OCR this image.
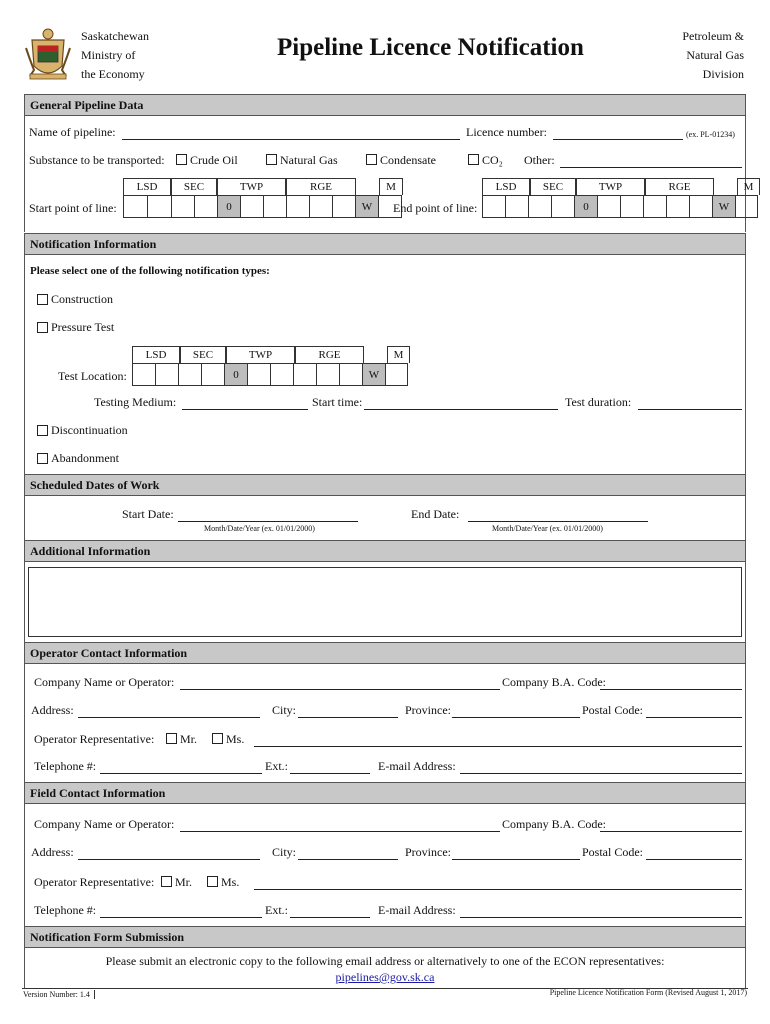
Saskatchewan
Ministry of
the Economy
Pipeline Licence Notification	Petroleum &
Natural Gas
Division
General Pipeline Data
Name of pipeline:	Licence number:	(ex. PL-01234)
Substance to be transported: Crude Oil	Natural Gas	Condensate	CO₂ Other:
LSD	SEC	TWP	RGE	M
Start point of line:
					0						W	
LSD	SEC	TWP	RGE	M
End point of line:
					0						W	
Notification Information
Please select one of the following notification types:
Construction
Pressure Test
LSD	SEC	TWP	RGE	M
Test Location:
					0						W	
Testing Medium:	Start time:	Test duration:
Discontinuation
Abandonment
Scheduled Dates of Work
Start Date:
Month/Date/Year (ex. 01/01/2000)
End Date:
Month/Date/Year (ex. 01/01/2000)
Additional Information
Operator Contact Information
Company Name or Operator:	Company B.A. Code:
Address:	City:	Province:	Postal Code:
Operator Representative: Mr. Ms.
Telephone #:	Ext.:	E-mail Address:
Field Contact Information
Company Name or Operator:	Company B.A. Code:
Address:	City:	Province:	Postal Code:
Operator Representative: Mr. Ms.
Telephone #:	Ext.:	E-mail Address:
Notification Form Submission
Please submit an electronic copy to the following email address or alternatively to one of the ECON representatives:
pipelines@gov.sk.ca
Version Number: 1.4	Pipeline Licence Notification Form (Revised August 1, 2017)
